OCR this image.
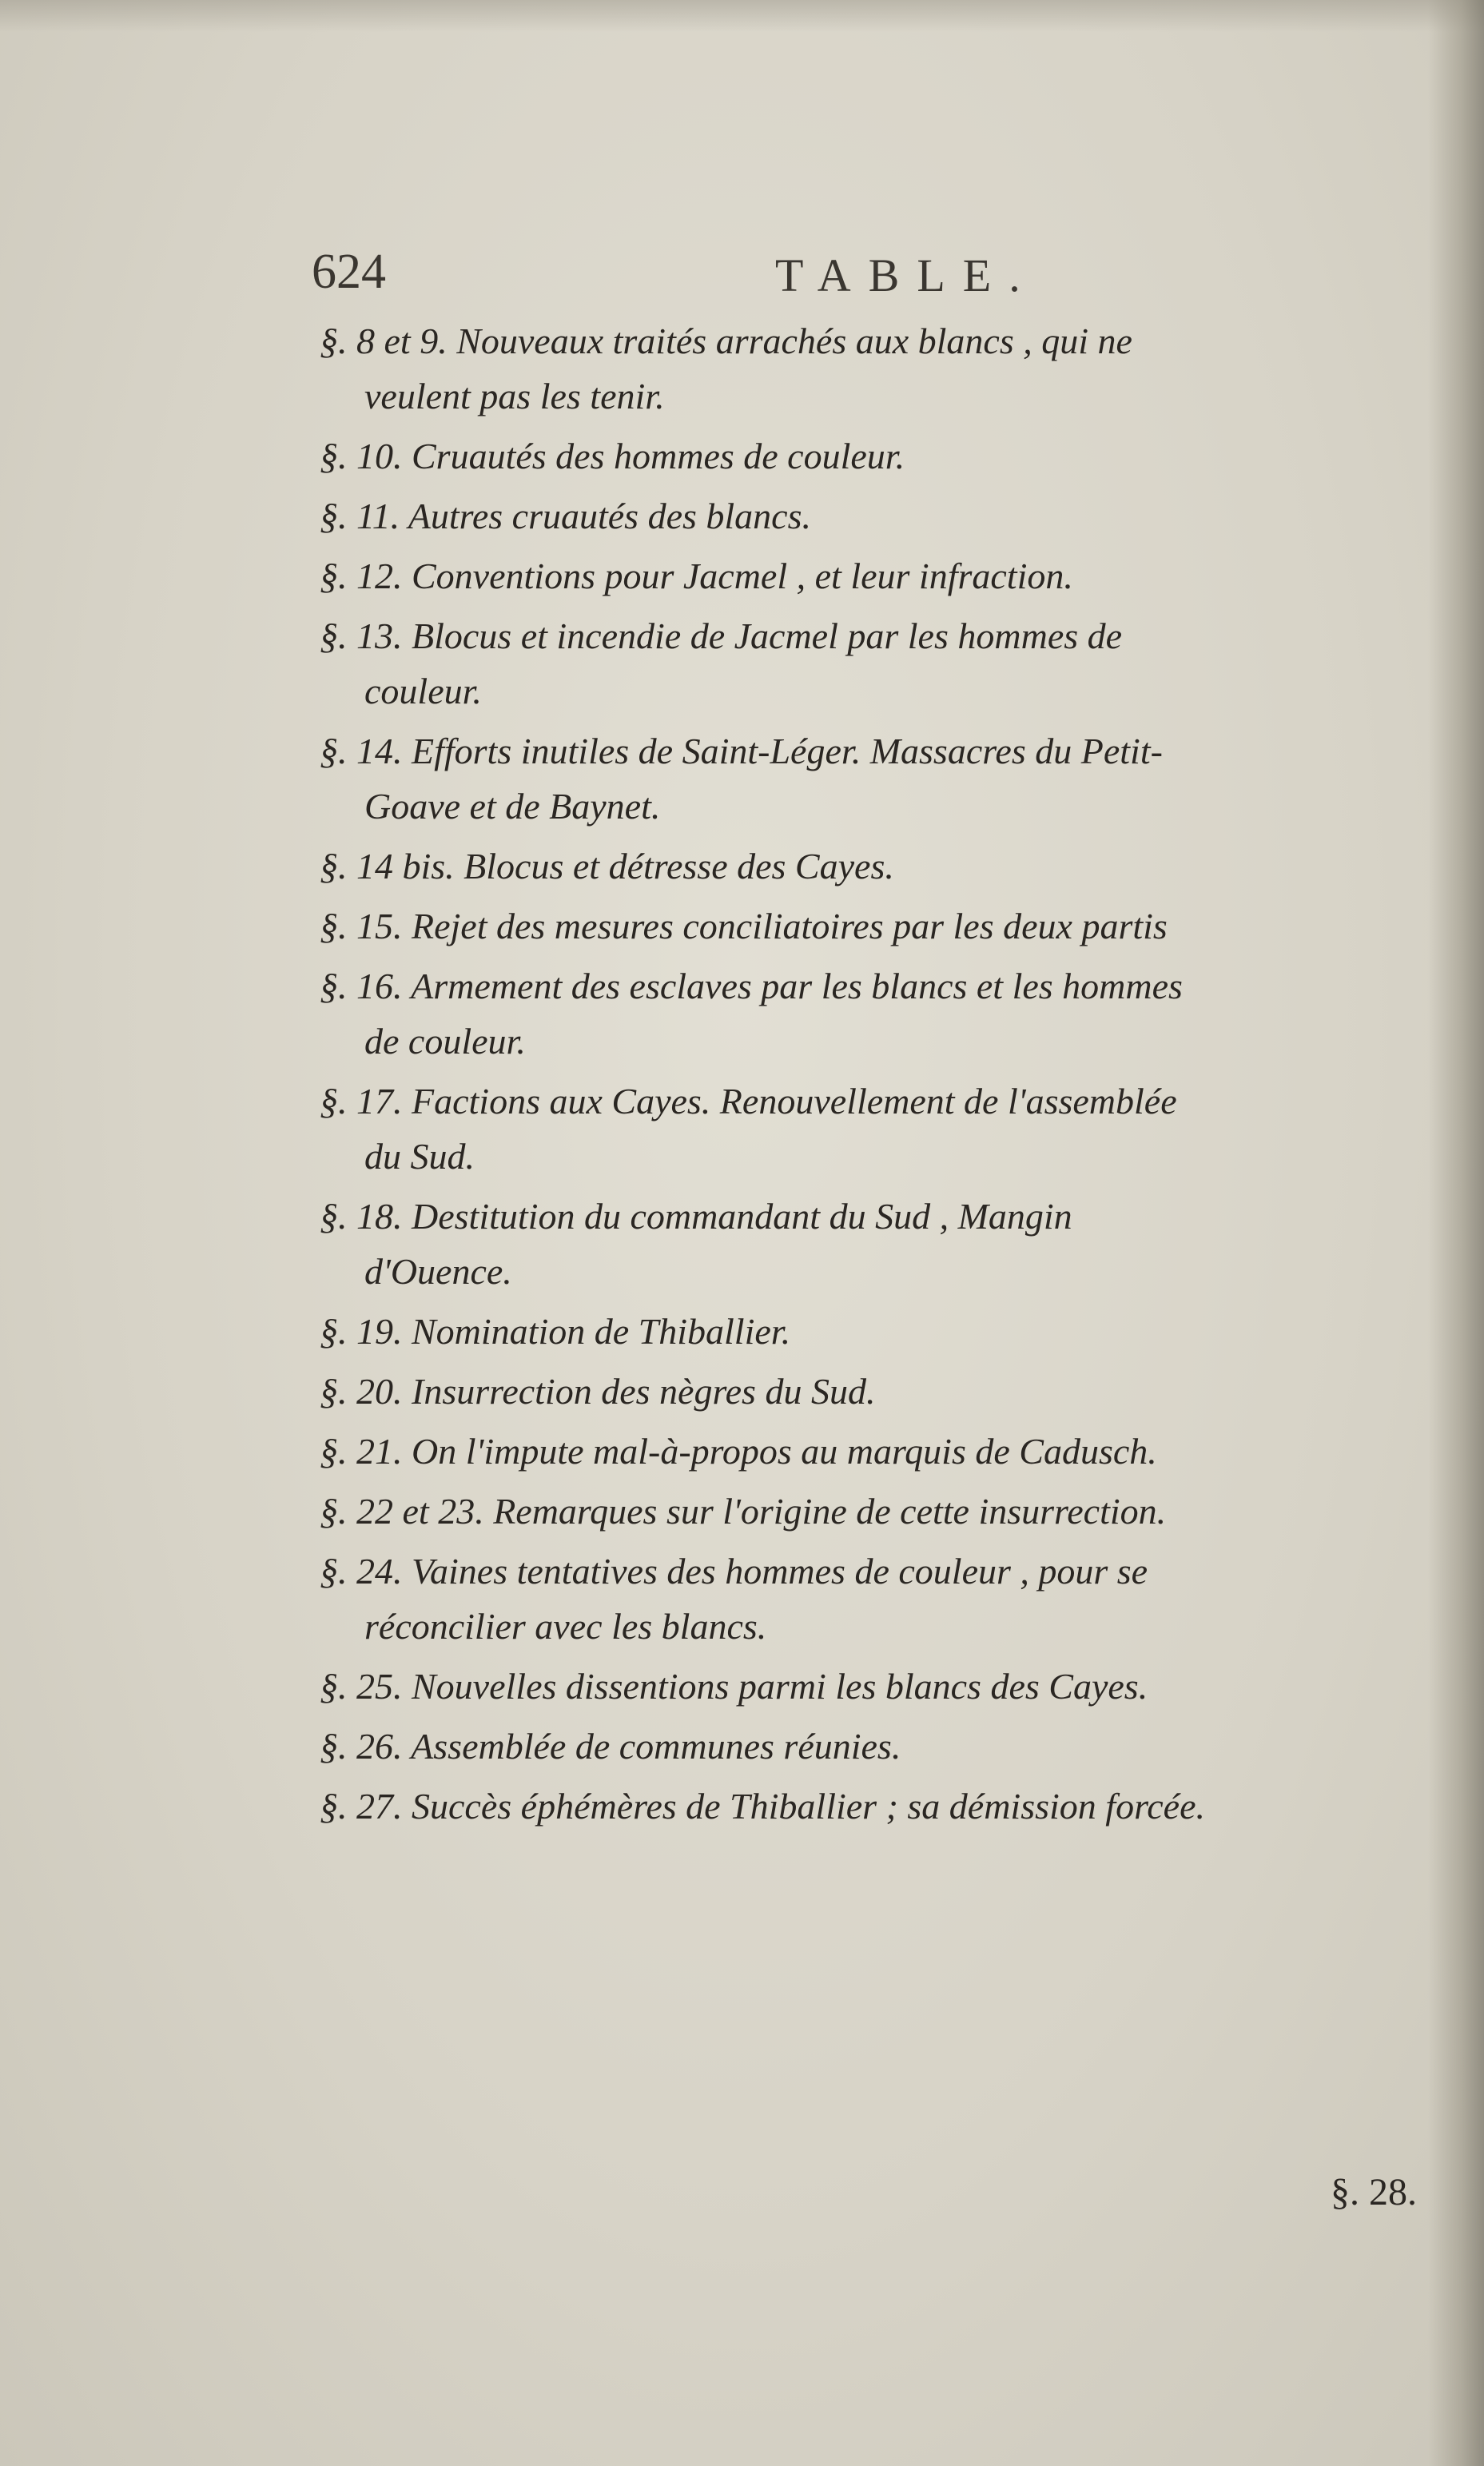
624	TABLE.
§. 8 et 9. Nouveaux traités arrachés aux blancs , qui ne
veulent pas les tenir.
§. 10. Cruautés des hommes de couleur.
§. 11. Autres cruautés des blancs.
§. 12. Conventions pour Jacmel , et leur infraction.
§. 13. Blocus et incendie de Jacmel par les hommes de
couleur.
§. 14. Efforts inutiles de Saint-Léger. Massacres du Petit-
Goave et de Baynet.
§. 14 bis. Blocus et détresse des Cayes.
§. 15. Rejet des mesures conciliatoires par les deux partis
§. 16. Armement des esclaves par les blancs et les hommes
de couleur.
§. 17. Factions aux Cayes. Renouvellement de l'assemblée
du Sud.
§. 18. Destitution du commandant du Sud , Mangin
d'Ouence.
§. 19. Nomination de Thiballier.
§. 20. Insurrection des nègres du Sud.
§. 21. On l'impute mal-à-propos au marquis de Cadusch.
§. 22 et 23. Remarques sur l'origine de cette insurrection.
§. 24. Vaines tentatives des hommes de couleur , pour se
réconcilier avec les blancs.
§. 25. Nouvelles dissentions parmi les blancs des Cayes.
§. 26. Assemblée de communes réunies.
§. 27. Succès éphémères de Thiballier ; sa démission forcée.
§. 28.
